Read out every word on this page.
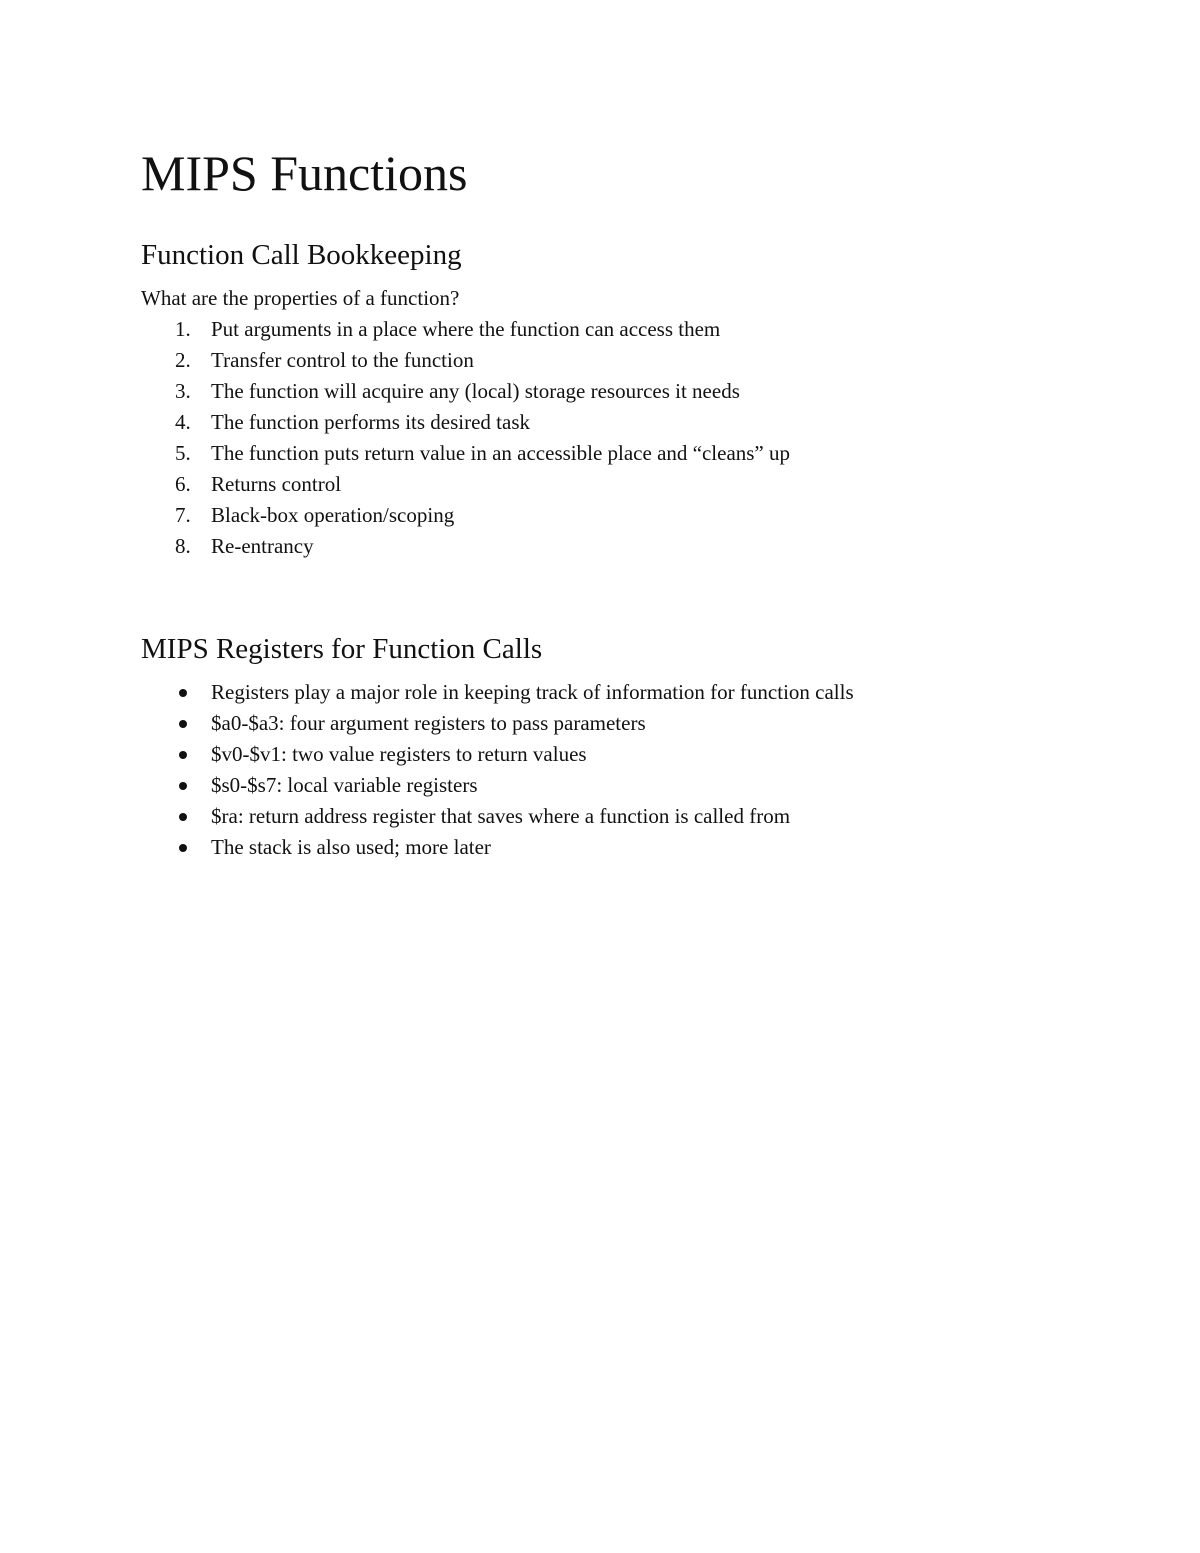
MIPS Functions
Function Call Bookkeeping

What are the properties of a function?

1. Put arguments in a place where the function can access them
2. Transfer control to the function
3. The function will acquire any (local) storage resources it needs
4. The function performs its desired task
5. The function puts return value in an accessible place and “cleans” up
6. Returns control
7. Black-box operation/scoping
8. Re-entrancy
MIPS Registers for Function Calls
Registers play a major role in keeping track of information for function calls
$a0-$a3: four argument registers to pass parameters
$v0-$v1: two value registers to return values
$s0-$s7: local variable registers
$ra: return address register that saves where a function is called from
The stack is also used; more later
